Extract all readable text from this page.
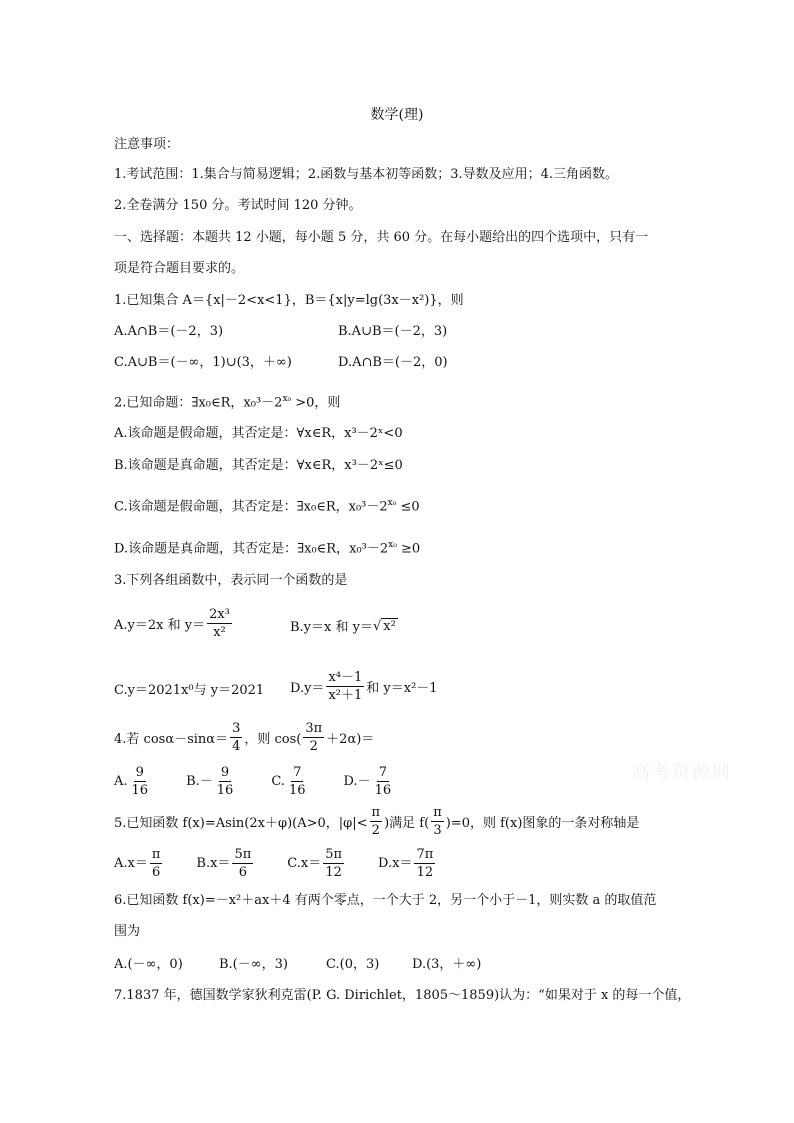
数学(理)
注意事项：
1.考试范围：1.集合与简易逻辑；2.函数与基本初等函数；3.导数及应用；4.三角函数。
2.全卷满分 150 分。考试时间 120 分钟。
一、选择题：本题共 12 小题，每小题 5 分，共 60 分。在每小题给出的四个选项中，只有一
项是符合题目要求的。
1.已知集合 A＝{x|－2<x<1}，B＝{x|y=lg(3x－x²)}，则
A.A∩B＝(－2，3)	B.A∪B＝(－2，3)
C.A∪B＝(－∞，1)∪(3，＋∞)	D.A∩B＝(－2，0)
2.已知命题：∃x₀∈R，$x_0^3-2^{x_0} >0$，则
A.该命题是假命题，其否定是：∀x∈R，x³－2ˣ<0
B.该命题是真命题，其否定是：∀x∈R，x³－2ˣ≤0
C.该命题是假命题，其否定是：∃x₀∈R，$x_0^3-2^{x_0} \le 0$
D.该命题是真命题，其否定是：∃x₀∈R，$x_0^3-2^{x_0} \ge 0$
3.下列各组函数中，表示同一个函数的是
A.y＝2x 和 $y= \frac{\text{2x³}}{\text{x²}}$	B.y＝x 和 y＝ √ x²
C.y＝2021x⁰与 y＝2021 $D.y= \frac{\text{x⁴－1}}{\text{x²＋1}}$ 和 y＝x²－1
4.若 $\cos\alpha-\sin\alpha= \frac{3}{4}$ ，则 $\cos( \frac{3\pi}{2} +2\alpha)=$
A. $\frac{9}{16}$	$B.- \frac{9}{16}$	C. $\frac{7}{16}$	$D.- \frac{7}{16}$	高考资源网
5.已知函数 f(x)=Asin(2x＋φ)(A>0，$|\varphi|< \frac{\pi}{2}$ )满足 $f( \frac{\pi}{3} )=0$，则 f(x)图象的一条对称轴是
$A.x= \frac{\pi}{6}$	$B.x= \frac{5\pi}{6}$	$C.x= \frac{5\pi}{12}$	$D.x= \frac{7\pi}{12}$
6.已知函数 f(x)=－x²＋ax＋4 有两个零点，一个大于 2，另一个小于－1，则实数 a 的取值范
围为
A.(－∞，0)	B.(－∞，3)	C.(0，3)	D.(3，＋∞)
7.1837 年，德国数学家狄利克雷(P. G. Dirichlet，1805～1859)认为：“如果对于 x 的每一个值，
